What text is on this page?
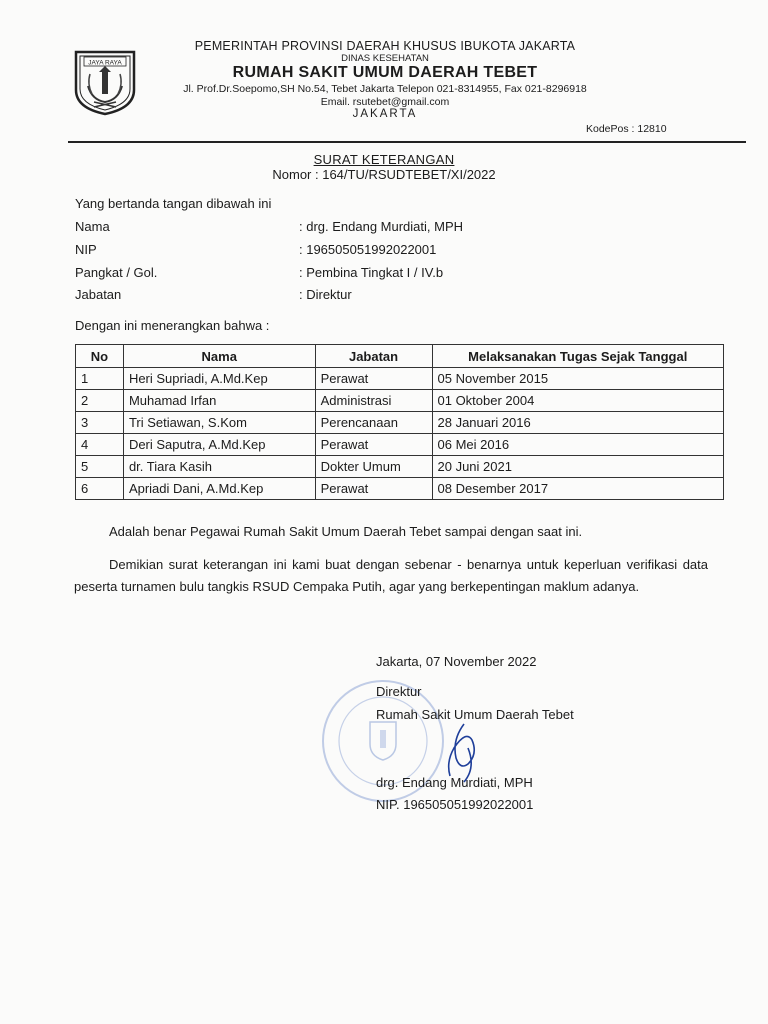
JAYA RAYA
PEMERINTAH PROVINSI DAERAH KHUSUS IBUKOTA JAKARTA
DINAS KESEHATAN
RUMAH SAKIT UMUM DAERAH TEBET
Jl. Prof.Dr.Soepomo,SH No.54, Tebet Jakarta Telepon 021-8314955, Fax 021-8296918
Email. rsutebet@gmail.com
JAKARTA
KodePos : 12810
SURAT KETERANGAN
Nomor : 164/TU/RSUDTEBET/XI/2022
Yang bertanda tangan dibawah ini
Nama	: drg. Endang Murdiati, MPH
NIP	: 196505051992022001
Pangkat / Gol.	: Pembina Tingkat I / IV.b
Jabatan	: Direktur
Dengan ini menerangkan bahwa :
No	Nama	Jabatan	Melaksanakan Tugas Sejak Tanggal
1	Heri Supriadi, A.Md.Kep	Perawat	05 November 2015
2	Muhamad Irfan	Administrasi	01 Oktober 2004
3	Tri Setiawan, S.Kom	Perencanaan	28 Januari 2016
4	Deri Saputra, A.Md.Kep	Perawat	06 Mei 2016
5	dr. Tiara Kasih	Dokter Umum	20 Juni 2021
6	Apriadi Dani, A.Md.Kep	Perawat	08 Desember 2017
Adalah benar Pegawai Rumah Sakit Umum Daerah Tebet sampai dengan saat ini.
Demikian surat keterangan ini kami buat dengan sebenar - benarnya untuk keperluan verifikasi data peserta turnamen bulu tangkis RSUD Cempaka Putih, agar yang berkepentingan maklum adanya.
Jakarta, 07 November 2022
Direktur
Rumah Sakit Umum Daerah Tebet
drg. Endang Murdiati, MPH
NIP. 196505051992022001
